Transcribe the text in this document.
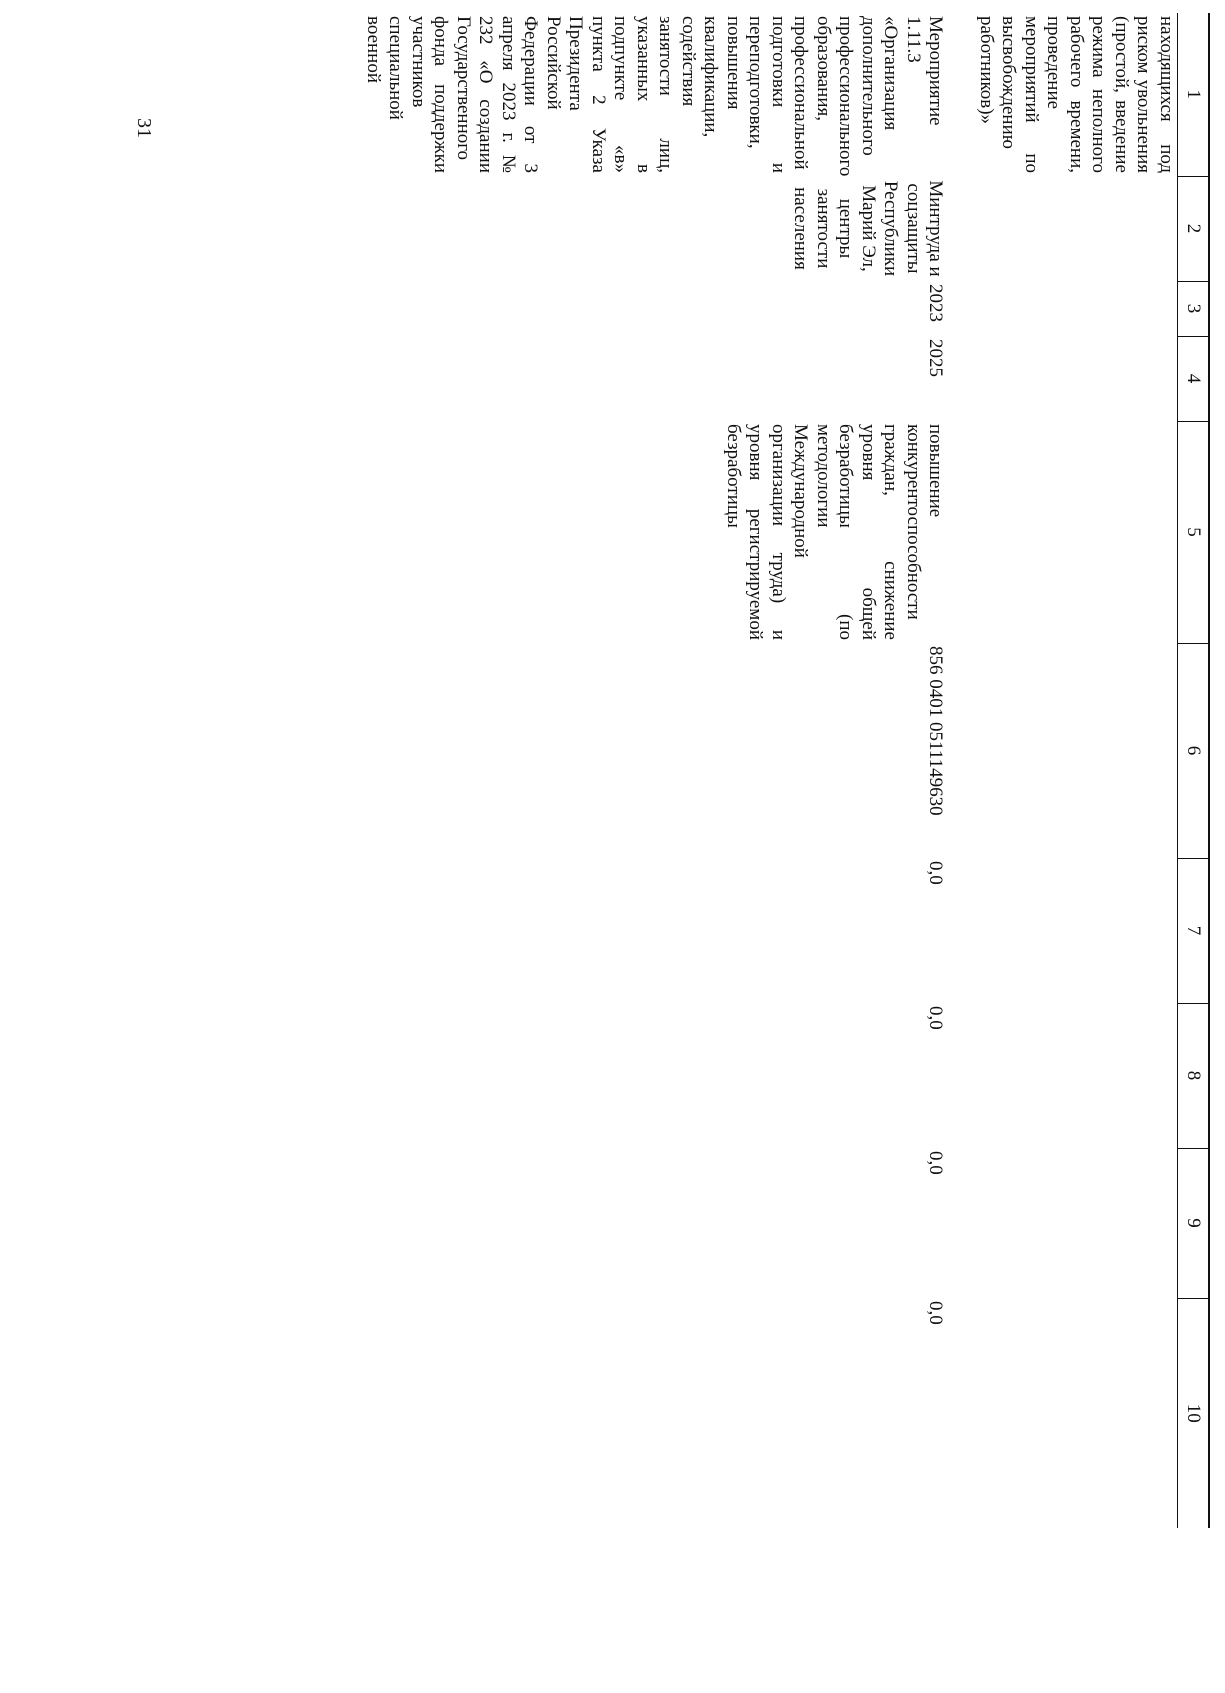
31
1	2	3	4	5	6	7	8	9	10
находящихся под риском увольнения (простой, введение режима неполного рабочего времени, проведение мероприятий по высвобождению работников)»									

Мероприятие 1.11.3 «Организация дополнительного профессионального образования, профессиональной подготовки и переподготовки, повышения квалификации, содействия занятости лиц, указанных в подпункте «в» пункта 2 Указа Президента Российской Федерации от 3 апреля 2023 г. № 232 «О создании Государственного фонда поддержки участников специальной военной	Минтруда и соцзащиты Республики Марий Эл, центры занятости населения	2023	2025	повышение конкурентоспособности граждан, снижение уровня общей безработицы (по методологии Международной организации труда) и уровня регистрируемой безработицы	856 0401 0511149630	0,0	0,0	0,0	0,0
